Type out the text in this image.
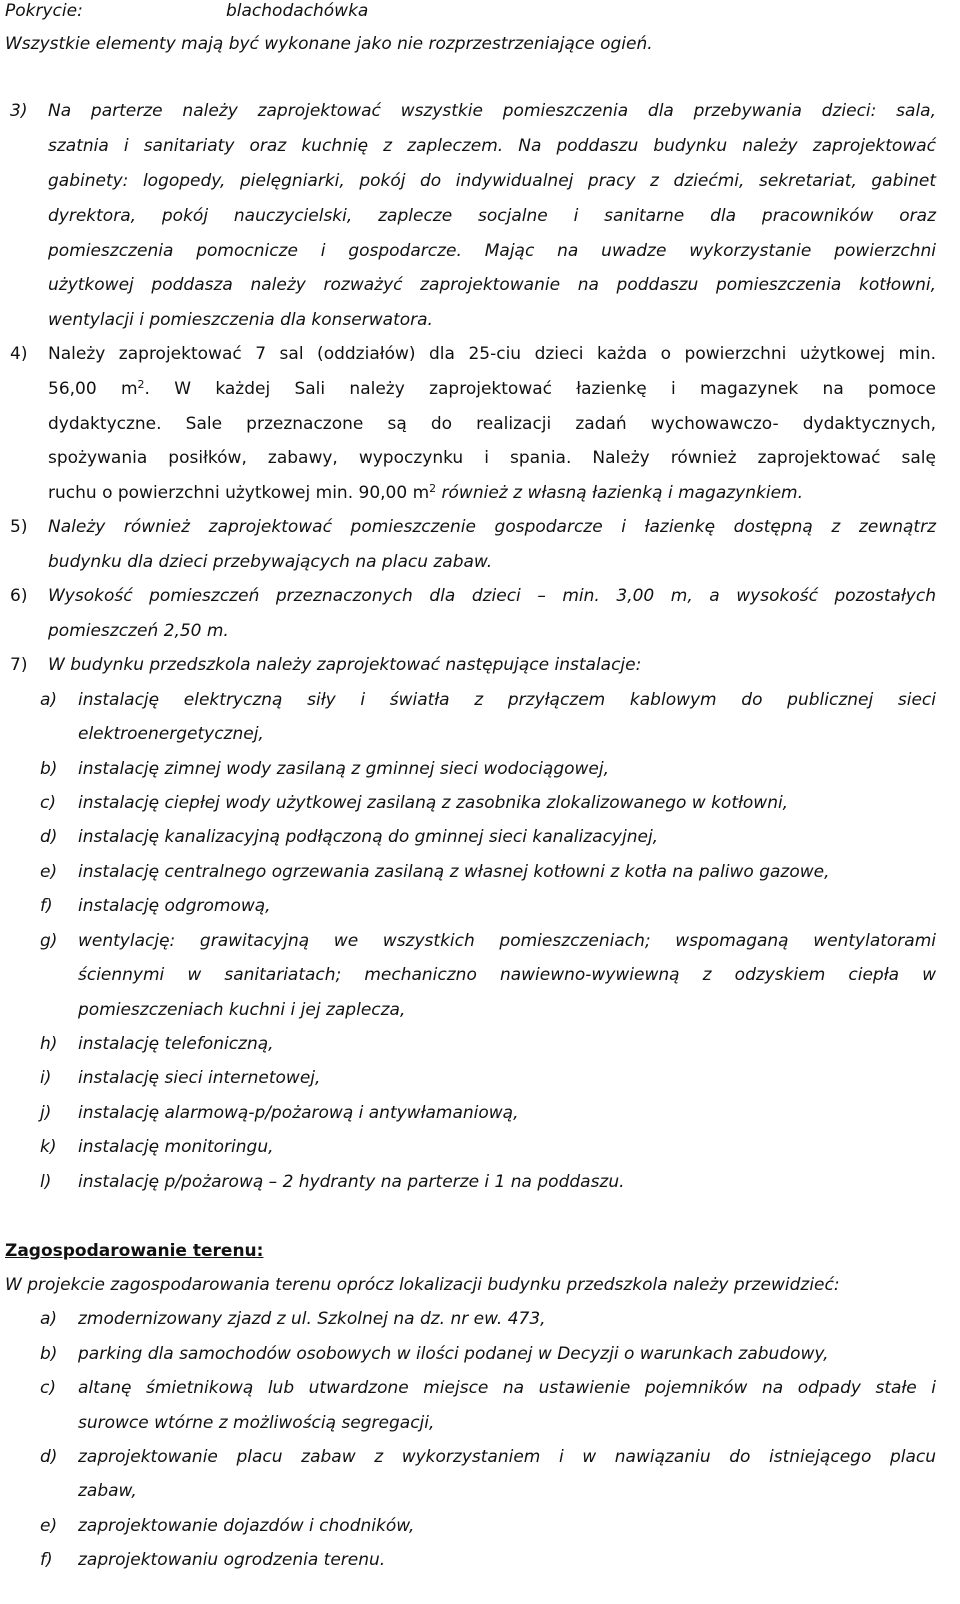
Pokrycie:	blachodachówka
Wszystkie elementy mają być wykonane jako nie rozprzestrzeniające ogień.
3) Na parterze należy zaprojektować wszystkie pomieszczenia dla przebywania dzieci: sala,
szatnia i sanitariaty oraz kuchnię z zapleczem. Na poddaszu budynku należy zaprojektować
gabinety: logopedy, pielęgniarki, pokój do indywidualnej pracy z dziećmi, sekretariat, gabinet
dyrektora, pokój nauczycielski, zaplecze socjalne i sanitarne dla pracowników oraz
pomieszczenia pomocnicze i gospodarcze. Mając na uwadze wykorzystanie powierzchni
użytkowej poddasza należy rozważyć zaprojektowanie na poddaszu pomieszczenia kotłowni,
wentylacji i pomieszczenia dla konserwatora.
4) Należy zaprojektować 7 sal (oddziałów) dla 25-ciu dzieci każda o powierzchni użytkowej min.
56,00 $m^2$. W każdej Sali należy zaprojektować łazienkę i magazynek na pomoce
dydaktyczne. Sale przeznaczone są do realizacji zadań wychowawczo- dydaktycznych,
spożywania posiłków, zabawy, wypoczynku i spania. Należy również zaprojektować salę
ruchu o powierzchni użytkowej min. 90,00 $m^2$ również z własną łazienką i magazynkiem.
5) Należy również zaprojektować pomieszczenie gospodarcze i łazienkę dostępną z zewnątrz
budynku dla dzieci przebywających na placu zabaw.
6) Wysokość pomieszczeń przeznaczonych dla dzieci – min. 3,00 m, a wysokość pozostałych
pomieszczeń 2,50 m.
7) W budynku przedszkola należy zaprojektować następujące instalacje:
a) instalację elektryczną siły i światła z przyłączem kablowym do publicznej sieci
elektroenergetycznej,
b) instalację zimnej wody zasilaną z gminnej sieci wodociągowej,
c) instalację ciepłej wody użytkowej zasilaną z zasobnika zlokalizowanego w kotłowni,
d) instalację kanalizacyjną podłączoną do gminnej sieci kanalizacyjnej,
e) instalację centralnego ogrzewania zasilaną z własnej kotłowni z kotła na paliwo gazowe,
f) instalację odgromową,
g) wentylację: grawitacyjną we wszystkich pomieszczeniach; wspomaganą wentylatorami
ściennymi w sanitariatach; mechaniczno nawiewno-wywiewną z odzyskiem ciepła w
pomieszczeniach kuchni i jej zaplecza,
h) instalację telefoniczną,
i) instalację sieci internetowej,
j) instalację alarmową-p/pożarową i antywłamaniową,
k) instalację monitoringu,
l) instalację p/pożarową – 2 hydranty na parterze i 1 na poddaszu.
Zagospodarowanie terenu:
W projekcie zagospodarowania terenu oprócz lokalizacji budynku przedszkola należy przewidzieć:
a) zmodernizowany zjazd z ul. Szkolnej na dz. nr ew. 473,
b) parking dla samochodów osobowych w ilości podanej w Decyzji o warunkach zabudowy,
c) altanę śmietnikową lub utwardzone miejsce na ustawienie pojemników na odpady stałe i
surowce wtórne z możliwością segregacji,
d) zaprojektowanie placu zabaw z wykorzystaniem i w nawiązaniu do istniejącego placu
zabaw,
e) zaprojektowanie dojazdów i chodników,
f) zaprojektowaniu ogrodzenia terenu.
